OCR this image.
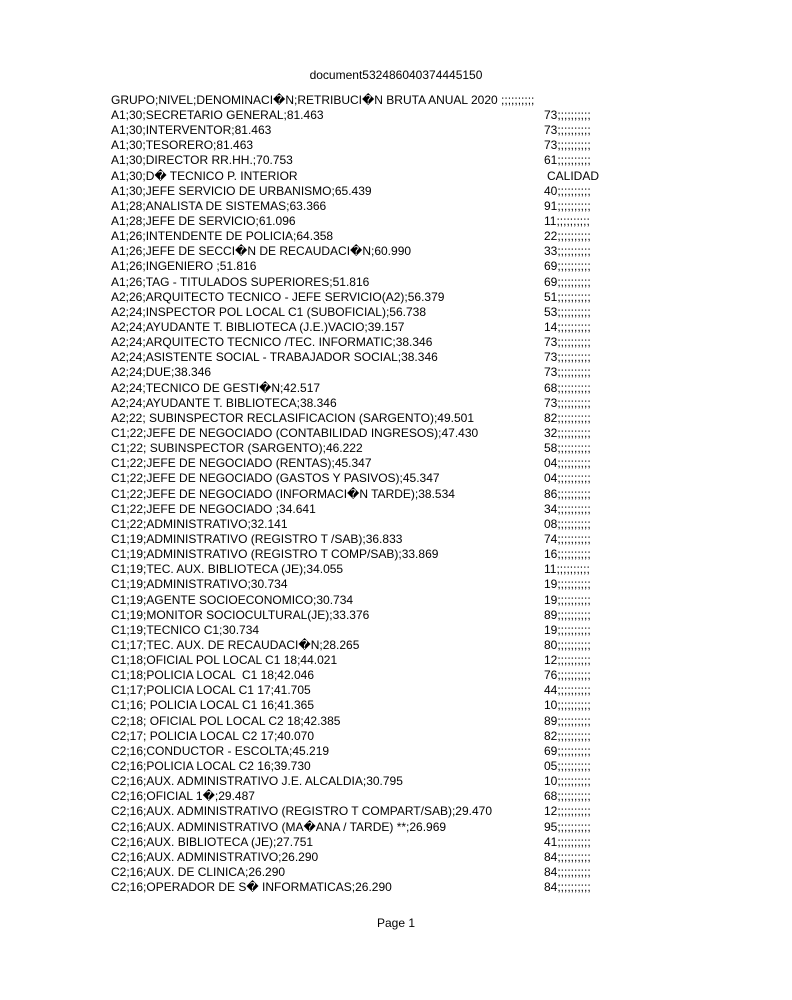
document532486040374445150
GRUPO;NIVEL;DENOMINACI�N;RETRIBUCI�N BRUTA ANUAL 2020 ;;;;;;;;;;
A1;30;SECRETARIO GENERAL;81.463	73;;;;;;;;;;
A1;30;INTERVENTOR;81.463	73;;;;;;;;;;
A1;30;TESORERO;81.463	73;;;;;;;;;;
A1;30;DIRECTOR RR.HH.;70.753	61;;;;;;;;;;
A1;30;D� TECNICO P. INTERIOR	CALIDAD
A1;30;JEFE SERVICIO DE URBANISMO;65.439	40;;;;;;;;;;
A1;28;ANALISTA DE SISTEMAS;63.366	91;;;;;;;;;;
A1;28;JEFE DE SERVICIO;61.096	11;;;;;;;;;;
A1;26;INTENDENTE DE POLICIA;64.358	22;;;;;;;;;;
A1;26;JEFE DE SECCI�N DE RECAUDACI�N;60.990	33;;;;;;;;;;
A1;26;INGENIERO ;51.816	69;;;;;;;;;;
A1;26;TAG - TITULADOS SUPERIORES;51.816	69;;;;;;;;;;
A2;26;ARQUITECTO TECNICO - JEFE SERVICIO(A2);56.379	51;;;;;;;;;;
A2;24;INSPECTOR POL LOCAL C1 (SUBOFICIAL);56.738	53;;;;;;;;;;
A2;24;AYUDANTE T. BIBLIOTECA (J.E.)VACIO;39.157	14;;;;;;;;;;
A2;24;ARQUITECTO TECNICO /TEC. INFORMATIC;38.346	73;;;;;;;;;;
A2;24;ASISTENTE SOCIAL - TRABAJADOR SOCIAL;38.346	73;;;;;;;;;;
A2;24;DUE;38.346	73;;;;;;;;;;
A2;24;TECNICO DE GESTI�N;42.517	68;;;;;;;;;;
A2;24;AYUDANTE T. BIBLIOTECA;38.346	73;;;;;;;;;;
A2;22; SUBINSPECTOR RECLASIFICACION (SARGENTO);49.501	82;;;;;;;;;;
C1;22;JEFE DE NEGOCIADO (CONTABILIDAD INGRESOS);47.430	32;;;;;;;;;;
C1;22; SUBINSPECTOR (SARGENTO);46.222	58;;;;;;;;;;
C1;22;JEFE DE NEGOCIADO (RENTAS);45.347	04;;;;;;;;;;
C1;22;JEFE DE NEGOCIADO (GASTOS Y PASIVOS);45.347	04;;;;;;;;;;
C1;22;JEFE DE NEGOCIADO (INFORMACI�N TARDE);38.534	86;;;;;;;;;;
C1;22;JEFE DE NEGOCIADO ;34.641	34;;;;;;;;;;
C1;22;ADMINISTRATIVO;32.141	08;;;;;;;;;;
C1;19;ADMINISTRATIVO (REGISTRO T /SAB);36.833	74;;;;;;;;;;
C1;19;ADMINISTRATIVO (REGISTRO T COMP/SAB);33.869	16;;;;;;;;;;
C1;19;TEC. AUX. BIBLIOTECA (JE);34.055	11;;;;;;;;;;
C1;19;ADMINISTRATIVO;30.734	19;;;;;;;;;;
C1;19;AGENTE SOCIOECONOMICO;30.734	19;;;;;;;;;;
C1;19;MONITOR SOCIOCULTURAL(JE);33.376	89;;;;;;;;;;
C1;19;TECNICO C1;30.734	19;;;;;;;;;;
C1;17;TEC. AUX. DE RECAUDACI�N;28.265	80;;;;;;;;;;
C1;18;OFICIAL POL LOCAL C1 18;44.021	12;;;;;;;;;;
C1;18;POLICIA LOCAL  C1 18;42.046	76;;;;;;;;;;
C1;17;POLICIA LOCAL C1 17;41.705	44;;;;;;;;;;
C1;16; POLICIA LOCAL C1 16;41.365	10;;;;;;;;;;
C2;18; OFICIAL POL LOCAL C2 18;42.385	89;;;;;;;;;;
C2;17; POLICIA LOCAL C2 17;40.070	82;;;;;;;;;;
C2;16;CONDUCTOR - ESCOLTA;45.219	69;;;;;;;;;;
C2;16;POLICIA LOCAL C2 16;39.730	05;;;;;;;;;;
C2;16;AUX. ADMINISTRATIVO J.E. ALCALDIA;30.795	10;;;;;;;;;;
C2;16;OFICIAL 1�;29.487	68;;;;;;;;;;
C2;16;AUX. ADMINISTRATIVO (REGISTRO T COMPART/SAB);29.470	12;;;;;;;;;;
C2;16;AUX. ADMINISTRATIVO (MA�ANA / TARDE) **;26.969	95;;;;;;;;;;
C2;16;AUX. BIBLIOTECA (JE);27.751	41;;;;;;;;;;
C2;16;AUX. ADMINISTRATIVO;26.290	84;;;;;;;;;;
C2;16;AUX. DE CLINICA;26.290	84;;;;;;;;;;
C2;16;OPERADOR DE S� INFORMATICAS;26.290	84;;;;;;;;;;
Page 1
